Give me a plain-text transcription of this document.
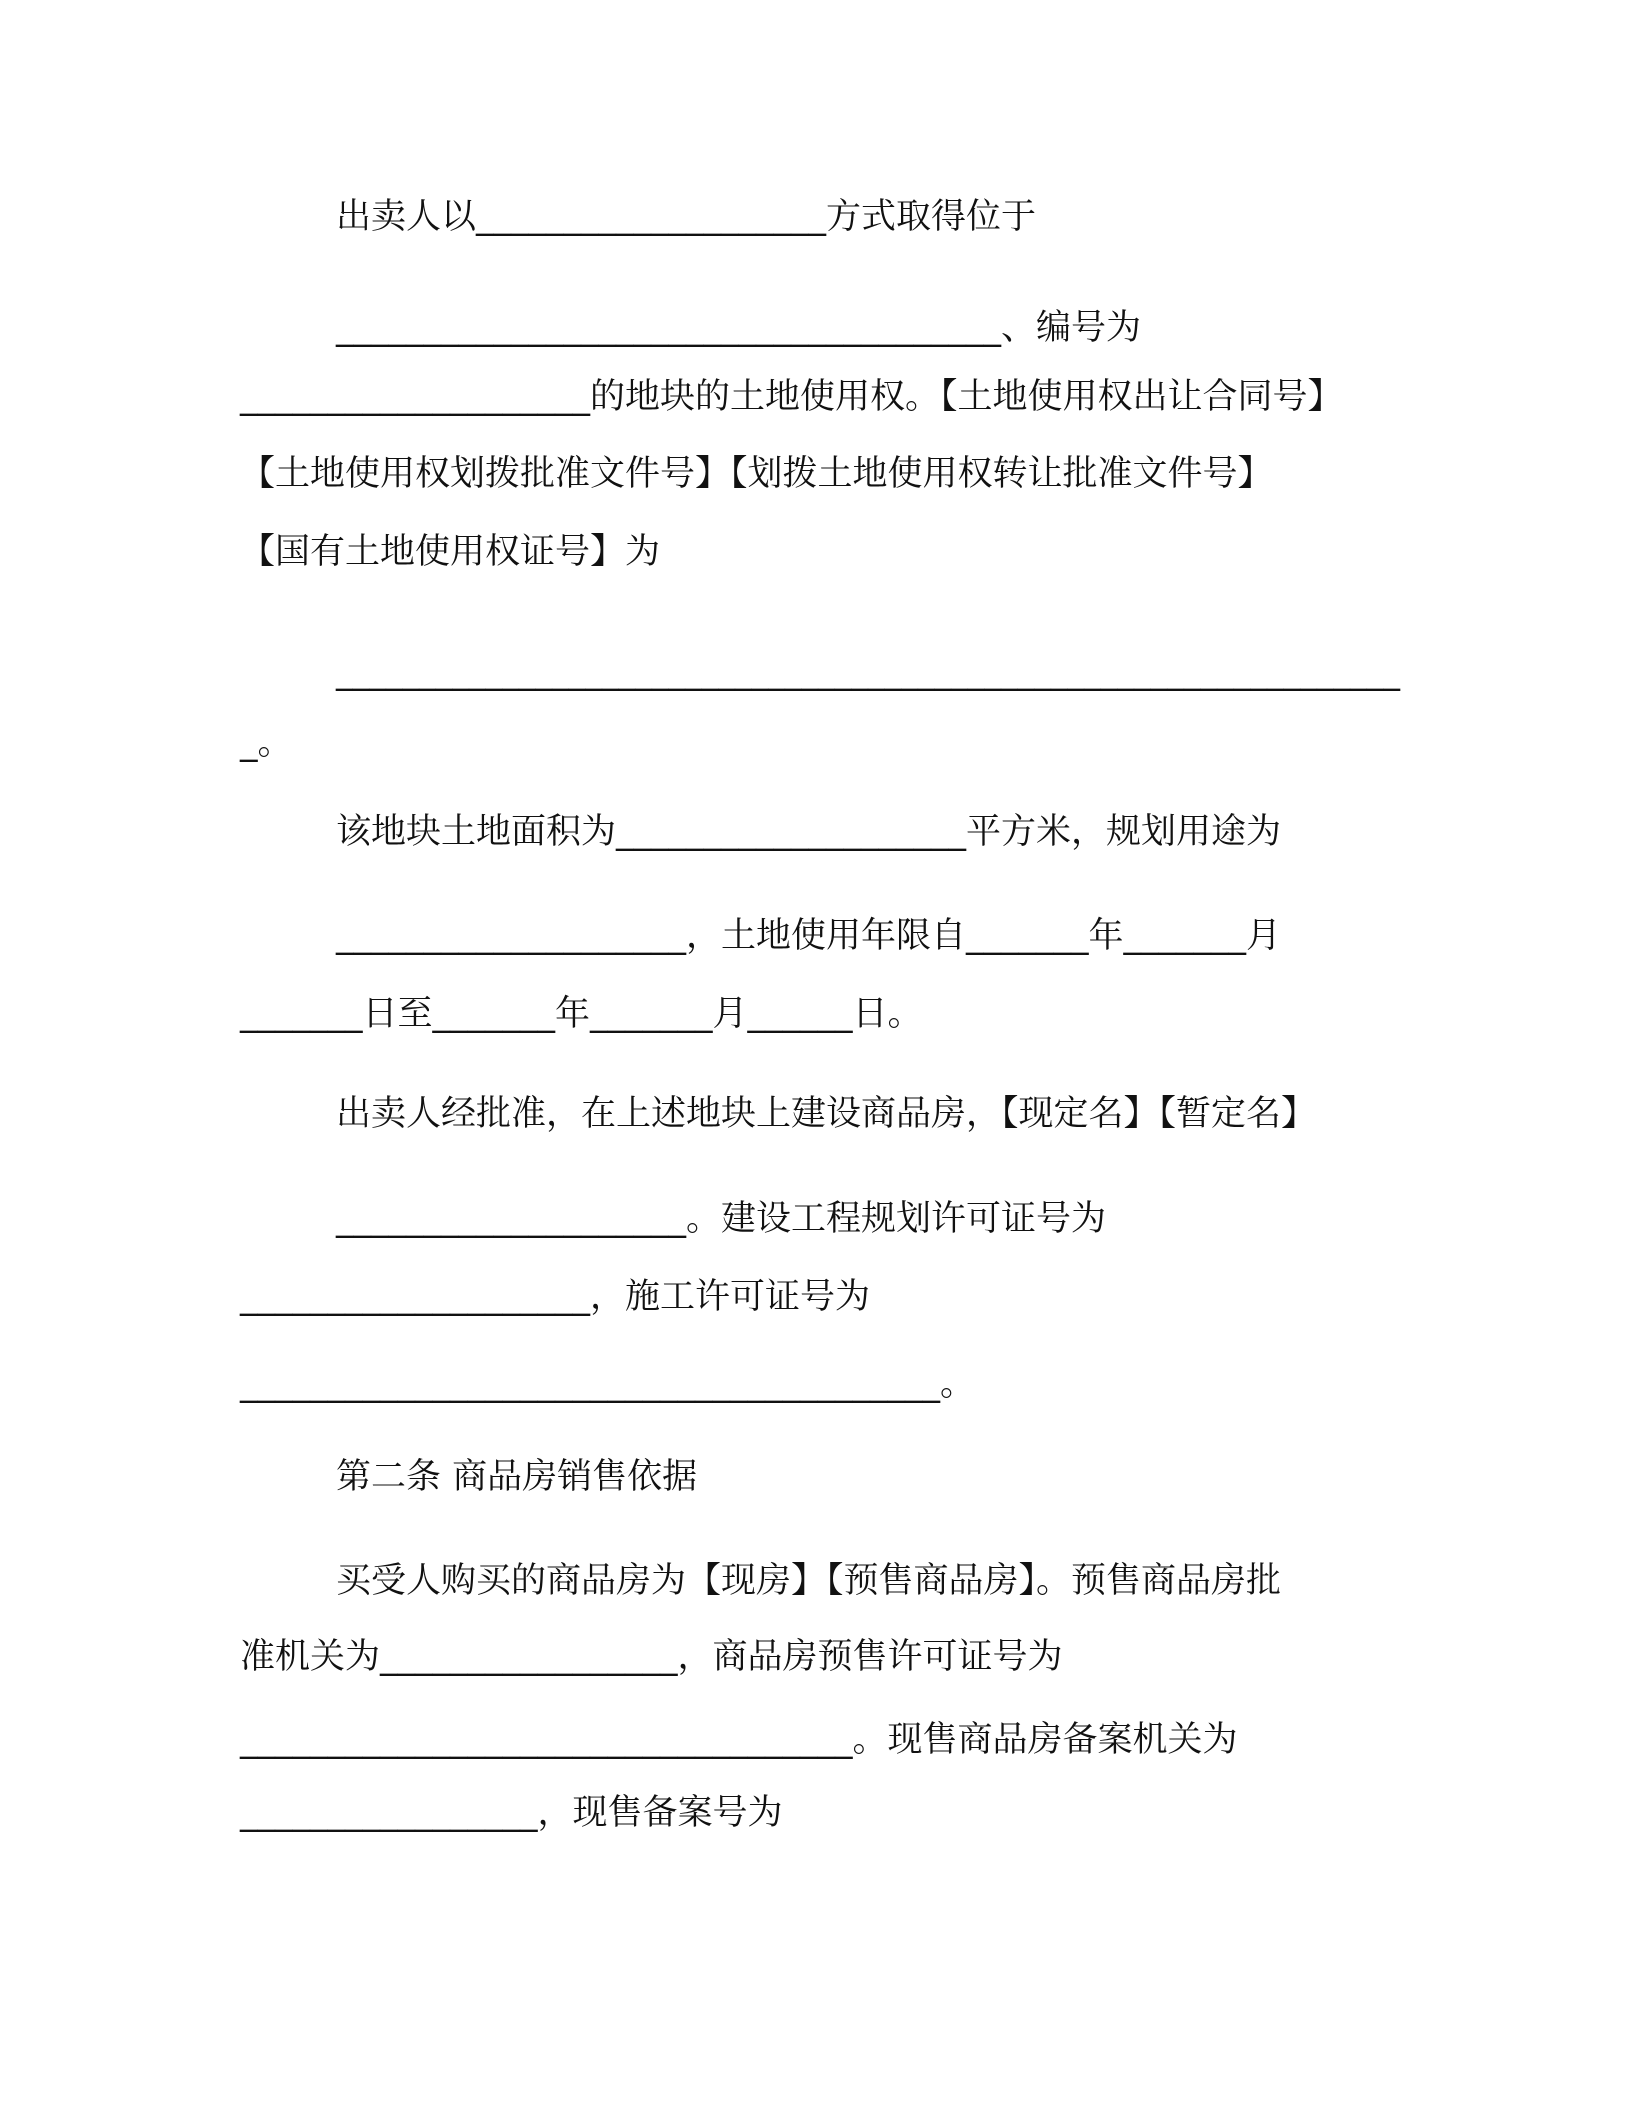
出卖人以____________________方式取得位于
______________________________________、编号为
____________________的地块的土地使用权。【土地使用权出让合同号】
【土地使用权划拨批准文件号】【划拨土地使用权转让批准文件号】
【国有土地使用权证号】为
________________________________________________________________
_。
该地块土地面积为____________________平方米，规划用途为
____________________，土地使用年限自_______年_______月
_______日至_______年_______月______日。
出卖人经批准，在上述地块上建设商品房，【现定名】【暂定名】
____________________。建设工程规划许可证号为
____________________，施工许可证号为
________________________________________。
第二条 商品房销售依据
买受人购买的商品房为【现房】【预售商品房】。预售商品房批
准机关为_________________，商品房预售许可证号为
___________________________________。现售商品房备案机关为
_________________，现售备案号为
